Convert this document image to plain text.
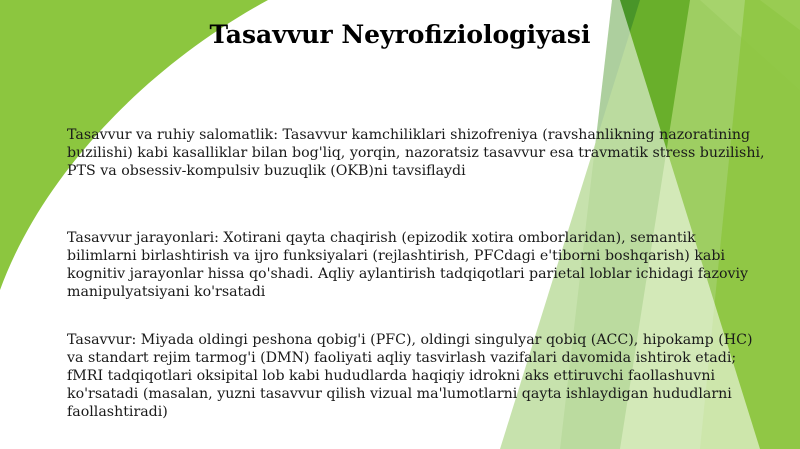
Tasavvur Neyrofiziologiyasi

Tasavvur va ruhiy salomatlik: Tasavvur kamchiliklari shizofreniya (ravshanlikning nazoratining buzilishi) kabi kasalliklar bilan bog'liq, yorqin, nazoratsiz tasavvur esa travmatik stress buzilishi, PTS va obsessiv-kompulsiv buzuqlik (OKB)ni tavsiflaydi

Tasavvur jarayonlari: Xotirani qayta chaqirish (epizodik xotira omborlaridan), semantik bilimlarni birlashtirish va ijro funksiyalari (rejlashtirish, PFCdagi e'tiborni boshqarish) kabi kognitiv jarayonlar hissa qo'shadi. Aqliy aylantirish tadqiqotlari parietal loblar ichidagi fazoviy manipulyatsiyani ko'rsatadi

Tasavvur: Miyada oldingi peshona qobig'i (PFC), oldingi singulyar qobiq (ACC), hipokamp (HC) va standart rejim tarmog'i (DMN) faoliyati aqliy tasvirlash vazifalari davomida ishtirok etadi; fMRI tadqiqotlari oksipital lob kabi hududlarda haqiqiy idrokni aks ettiruvchi faollashuvni ko'rsatadi (masalan, yuzni tasavvur qilish vizual ma'lumotlarni qayta ishlaydigan hududlarni faollashtiradi)
